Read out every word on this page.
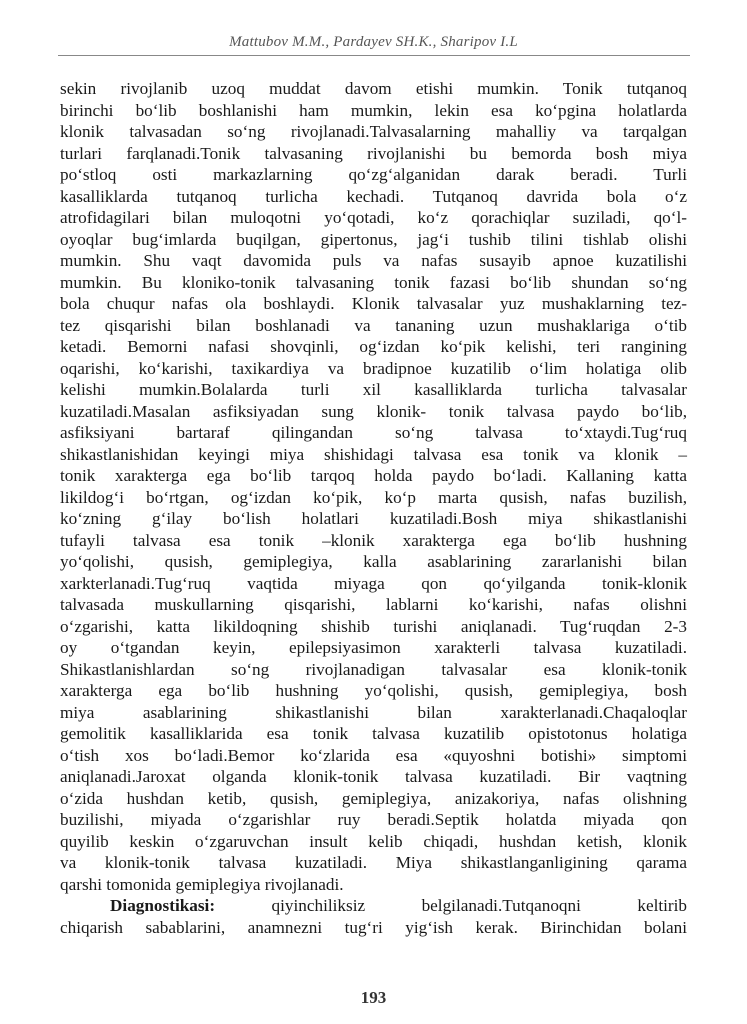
Mattubov M.M., Pardayev SH.K., Sharipov I.L
sekin rivojlanib uzoq muddat davom etishi mumkin. Tonik tutqanoq
birinchi bo‘lib boshlanishi ham mumkin, lekin esa ko‘pgina holatlarda
klonik talvasadan so‘ng rivojlanadi.Talvasalarning mahalliy va tarqalgan
turlari farqlanadi.Tonik talvasaning rivojlanishi bu bemorda bosh miya
po‘stloq osti markazlarning qo‘zg‘alganidan darak beradi. Turli
kasalliklarda tutqanoq turlicha kechadi. Tutqanoq davrida bola o‘z
atrofidagilari bilan muloqotni yo‘qotadi, ko‘z qorachiqlar suziladi, qo‘l-
oyoqlar bug‘imlarda buqilgan, gipertonus, jag‘i tushib tilini tishlab olishi
mumkin. Shu vaqt davomida puls va nafas susayib apnoe kuzatilishi
mumkin. Bu kloniko-tonik talvasaning tonik fazasi bo‘lib shundan so‘ng
bola chuqur nafas ola boshlaydi. Klonik talvasalar yuz mushaklarning tez-
tez qisqarishi bilan boshlanadi va tananing uzun mushaklariga o‘tib
ketadi. Bemorni nafasi shovqinli, og‘izdan ko‘pik kelishi, teri rangining
oqarishi, ko‘karishi, taxikardiya va bradipnoe kuzatilib o‘lim holatiga olib
kelishi mumkin.Bolalarda turli xil kasalliklarda turlicha talvasalar
kuzatiladi.Masalan asfiksiyadan sung klonik- tonik talvasa paydo bo‘lib,
asfiksiyani bartaraf qilingandan so‘ng talvasa to‘xtaydi.Tug‘ruq
shikastlanishidan keyingi miya shishidagi talvasa esa tonik va klonik –
tonik xarakterga ega bo‘lib tarqoq holda paydo bo‘ladi. Kallaning katta
likildog‘i bo‘rtgan, og‘izdan ko‘pik, ko‘p marta qusish, nafas buzilish,
ko‘zning g‘ilay bo‘lish holatlari kuzatiladi.Bosh miya shikastlanishi
tufayli talvasa esa tonik –klonik xarakterga ega bo‘lib hushning
yo‘qolishi, qusish, gemiplegiya, kalla asablarining zararlanishi bilan
xarkterlanadi.Tug‘ruq vaqtida miyaga qon qo‘yilganda tonik-klonik
talvasada muskullarning qisqarishi, lablarni ko‘karishi, nafas olishni
o‘zgarishi, katta likildoqning shishib turishi aniqlanadi. Tug‘ruqdan 2-3
oy o‘tgandan keyin, epilepsiyasimon xarakterli talvasa kuzatiladi.
Shikastlanishlardan so‘ng rivojlanadigan talvasalar esa klonik-tonik
xarakterga ega bo‘lib hushning yo‘qolishi, qusish, gemiplegiya, bosh
miya asablarining shikastlanishi bilan xarakterlanadi.Chaqaloqlar
gemolitik kasalliklarida esa tonik talvasa kuzatilib opistotonus holatiga
o‘tish xos bo‘ladi.Bemor ko‘zlarida esa «quyoshni botishi» simptomi
aniqlanadi.Jaroxat olganda klonik-tonik talvasa kuzatiladi. Bir vaqtning
o‘zida hushdan ketib, qusish, gemiplegiya, anizakoriya, nafas olishning
buzilishi, miyada o‘zgarishlar ruy beradi.Septik holatda miyada qon
quyilib keskin o‘zgaruvchan insult kelib chiqadi, hushdan ketish, klonik
va klonik-tonik talvasa kuzatiladi. Miya shikastlanganligining qarama
qarshi tomonida gemiplegiya rivojlanadi.
Diagnostikasi:	qiyinchiliksiz belgilanadi.Tutqanoqni keltirib
chiqarish sabablarini, anamnezni tug‘ri yig‘ish kerak. Birinchidan bolani
193
